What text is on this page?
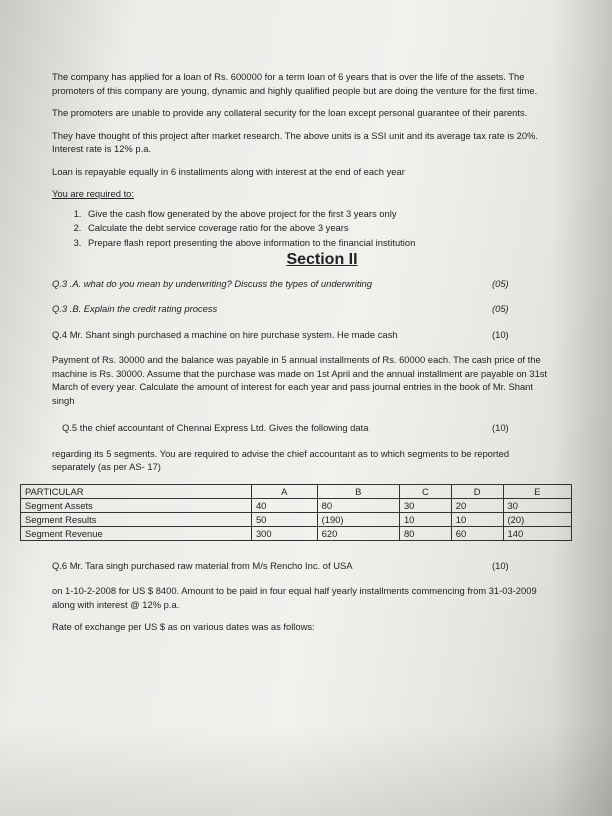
The company has applied for a loan of Rs. 600000 for a term loan of 6 years that is over the life of the assets. The promoters of this company are young, dynamic and highly qualified people but are doing the venture for the first time.

The promoters are unable to provide any collateral security for the loan except personal guarantee of their parents.

They have thought of this project after market research. The above units is a SSI unit and its average tax rate is 20%. Interest rate is 12% p.a.

Loan is repayable equally in 6 installments along with interest at the end of each year

You are required to:

1. Give the cash flow generated by the above project for the first 3 years only
2. Calculate the debt service coverage ratio for the above 3 years
3. Prepare flash report presenting the above information to the financial institution
Section II
Q.3 .A. what do you mean by underwriting? Discuss the types of underwriting	(05)
Q.3 .B. Explain the credit rating process	(05)
Q.4 Mr. Shant singh purchased a machine on hire purchase system. He made cash	(10)

Payment of Rs. 30000 and the balance was payable in 5 annual installments of Rs. 60000 each. The cash price of the machine is Rs. 30000. Assume that the purchase was made on 1st April and the annual installment are payable on 31st March of every year. Calculate the amount of interest for each year and pass journal entries in the book of Mr. Shant singh

Q.5 the chief accountant of Chennai Express Ltd. Gives the following data	(10)

regarding its 5 segments. You are required to advise the chief accountant as to which segments to be reported separately (as per AS- 17)

PARTICULAR	A	B	C	D	E
Segment Assets	40	80	30	20	30
Segment Results	50	(190)	10	10	(20)
Segment Revenue	300	620	80	60	140
Q.6 Mr. Tara singh purchased raw material from M/s Rencho Inc. of USA	(10)

on 1-10-2-2008 for US $ 8400. Amount to be paid in four equal half yearly installments commencing from 31-03-2009 along with interest @ 12% p.a.

Rate of exchange per US $ as on various dates was as follows:
